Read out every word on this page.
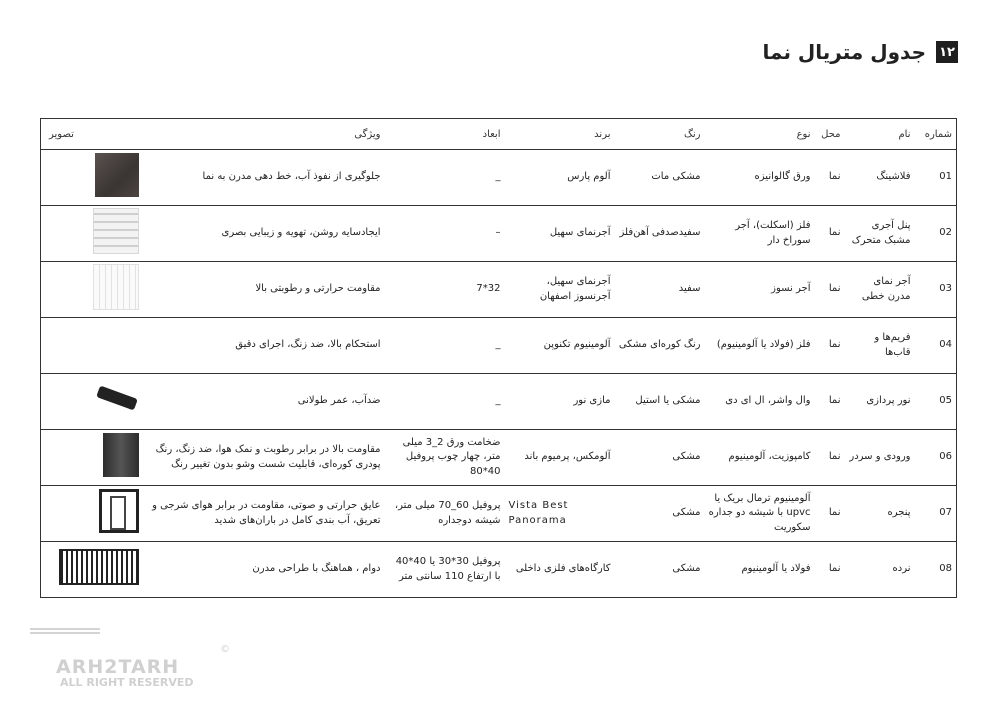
۱۲
جدول متریال نما
شماره	نام	محل	نوع	رنگ	برند	ابعاد	ویژگی	تصویر
01	فلاشینگ	نما	ورق گالوانیزه	مشکی مات	آلوم پارس	_	جلوگیری از نفوذ آب، خط دهی مدرن به نما	
02	پنل آجری مشبک متحرک	نما	فلز (اسکلت)، آجر سوراخ دار	سفیدصدفی آهن‌فلز	آجرنمای سهیل	–	ایجادسایه روشن، تهویه و زیبایی بصری	
03	آجر نمای مدرن خطی	نما	آجر نسوز	سفید	آجرنمای سهیل، آجرنسوز اصفهان	32*7	مقاومت حرارتی و رطوبتی بالا	
04	فریم‌ها و قاب‌ها	نما	فلز (فولاد یا آلومینیوم)	رنگ کوره‌ای مشکی	آلومینیوم تکنوپن	_	استحکام بالا، ضد زنگ، اجرای دقیق	
05	نور پردازی	نما	وال واشر، ال ای دی	مشکی یا استیل	مازی نور	_	ضدآب، عمر طولانی	
06	ورودی و سردر	نما	کامپوزیت، آلومینیوم	مشکی	آلومکس، پرمیوم باند	ضخامت ورق 2_3 میلی متر، چهار چوب پروفیل 40*80	مقاومت بالا در برابر رطوبت و نمک هوا، ضد زنگ، رنگ پودری کوره‌ای، قابلیت شست وشو بدون تغییر رنگ	
07	پنجره	نما	آلومینیوم ترمال بریک یا upvc با شیشه دو جداره سکوریت	مشکی	Vista Best Panorama	پروفیل 60_70 میلی متر، شیشه دوجداره	عایق حرارتی و صوتی، مقاومت در برابر هوای شرجی و تعریق، آب بندی کامل در باران‌های شدید	
08	نرده	نما	فولاد یا آلومینیوم	مشکی	کارگاه‌های فلزی داخلی	پروفیل 30*30 یا 40*40 با ارتفاع 110 سانتی متر	دوام ، هماهنگ با طراحی مدرن	
ARH2TARH
ALL RIGHT RESERVED
©
